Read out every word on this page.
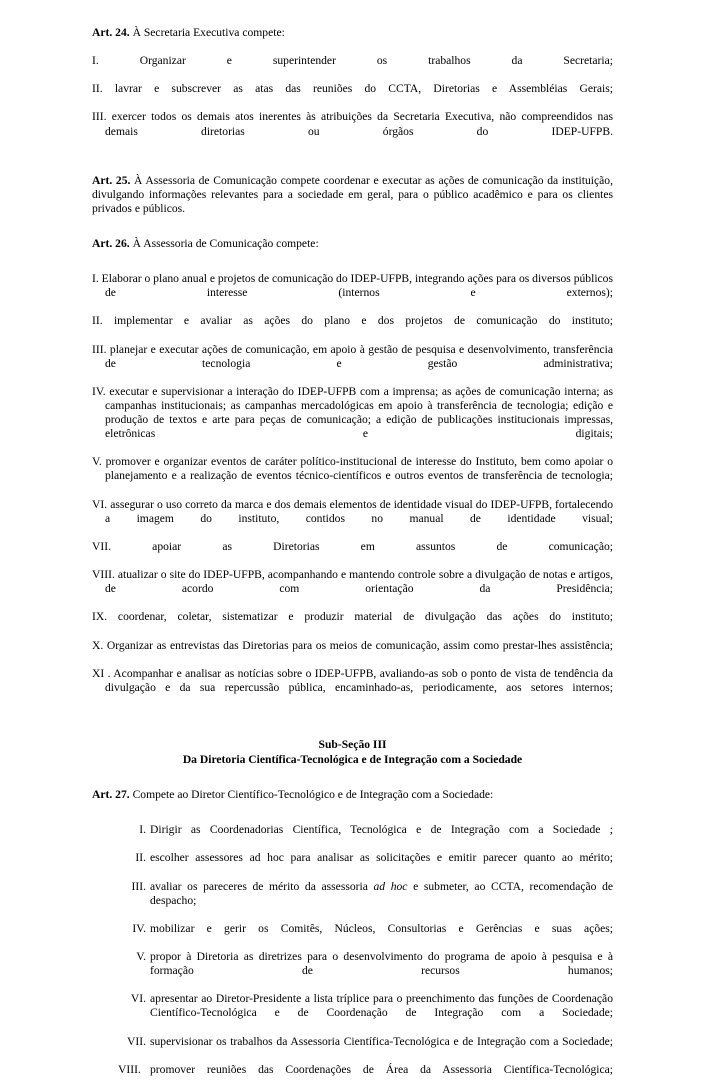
Art. 24. À Secretaria Executiva compete:

I. Organizar e superintender os trabalhos da Secretaria;
II. lavrar e subscrever as atas das reuniões do CCTA, Diretorias e Assembléias Gerais;
III. exercer todos os demais atos inerentes às atribuições da Secretaria Executiva, não compreendidos nas demais diretorias ou órgãos do IDEP-UFPB.

Art. 25. À Assessoria de Comunicação compete coordenar e executar as ações de comunicação da instituição, divulgando informações relevantes para a sociedade em geral, para o público acadêmico e para os clientes privados e públicos.

Art. 26. À Assessoria de Comunicação compete:

I. Elaborar o plano anual e projetos de comunicação do IDEP-UFPB, integrando ações para os diversos públicos de interesse (internos e externos);
II. implementar e avaliar as ações do plano e dos projetos de comunicação do instituto;
III. planejar e executar ações de comunicação, em apoio à gestão de pesquisa e desenvolvimento, transferência de tecnologia e gestão administrativa;
IV. executar e supervisionar a interação do IDEP-UFPB com a imprensa; as ações de comunicação interna; as campanhas institucionais; as campanhas mercadológicas em apoio à transferência de tecnologia; edição e produção de textos e arte para peças de comunicação; a edição de publicações institucionais impressas, eletrônicas e digitais;
V. promover e organizar eventos de caráter político-institucional de interesse do Instituto, bem como apoiar o planejamento e a realização de eventos técnico-científicos e outros eventos de transferência de tecnologia;
VI. assegurar o uso correto da marca e dos demais elementos de identidade visual do IDEP-UFPB, fortalecendo a imagem do instituto, contidos no manual de identidade visual;
VII. apoiar as Diretorias em assuntos de comunicação;
VIII. atualizar o site do IDEP-UFPB, acompanhando e mantendo controle sobre a divulgação de notas e artigos, de acordo com orientação da Presidência;
IX. coordenar, coletar, sistematizar e produzir material de divulgação das ações do instituto;
X. Organizar as entrevistas das Diretorias para os meios de comunicação, assim como prestar-lhes assistência;
XI . Acompanhar e analisar as notícias sobre o IDEP-UFPB, avaliando-as sob o ponto de vista de tendência da divulgação e da sua repercussão pública, encaminhado-as, periodicamente, aos setores internos;
Sub-Seção III
Da Diretoria Científica-Tecnológica e de Integração com a Sociedade

Art. 27. Compete ao Diretor Científico-Tecnológico e de Integração com a Sociedade:

I. Dirigir as Coordenadorias Científica, Tecnológica e de Integração com a Sociedade ;
II. escolher assessores ad hoc para analisar as solicitações e emitir parecer quanto ao mérito;
III. avaliar os pareceres de mérito da assessoria ad hoc e submeter, ao CCTA, recomendação de despacho;
IV. mobilizar e gerir os Comitês, Núcleos, Consultorias e Gerências e suas ações;
V. propor à Diretoria as diretrizes para o desenvolvimento do programa de apoio à pesquisa e à formação de recursos humanos;
VI. apresentar ao Diretor-Presidente a lista tríplice para o preenchimento das funções de Coordenação Científico-Tecnológica e de Coordenação de Integração com a Sociedade;
VII. supervisionar os trabalhos da Assessoria Científica-Tecnológica e de Integração com a Sociedade;
VIII. promover reuniões das Coordenações de Área da Assessoria Científica-Tecnológica;
